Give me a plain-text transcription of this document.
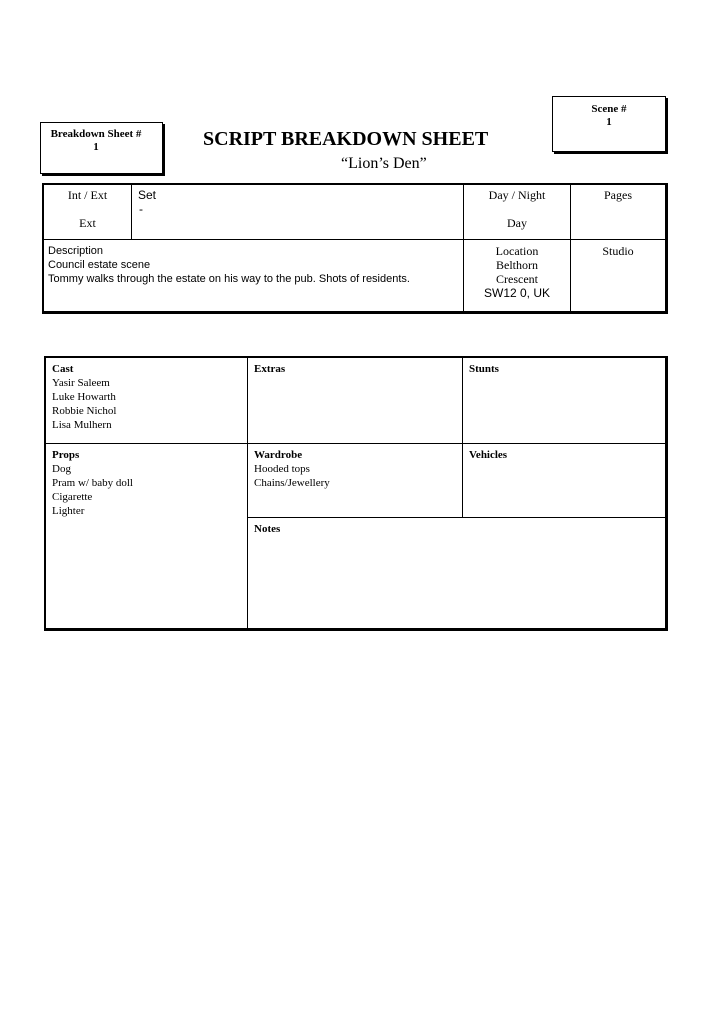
Scene #
1
Breakdown Sheet #
1	SCRIPT BREAKDOWN SHEET
“Lion’s Den”
Int / Ext
Ext
Set
-
Day / Night
Day
Pages
Description
Council estate scene
Tommy walks through the estate on his way to the pub. Shots of residents.
Location
Belthorn
Crescent
SW12 0, UK
Studio
Cast
Yasir Saleem
Luke Howarth
Robbie Nichol
Lisa Mulhern
Extras	Stunts
Props
Dog
Pram w/ baby doll
Cigarette
Lighter
Wardrobe
Hooded tops
Chains/Jewellery
Vehicles
Notes
